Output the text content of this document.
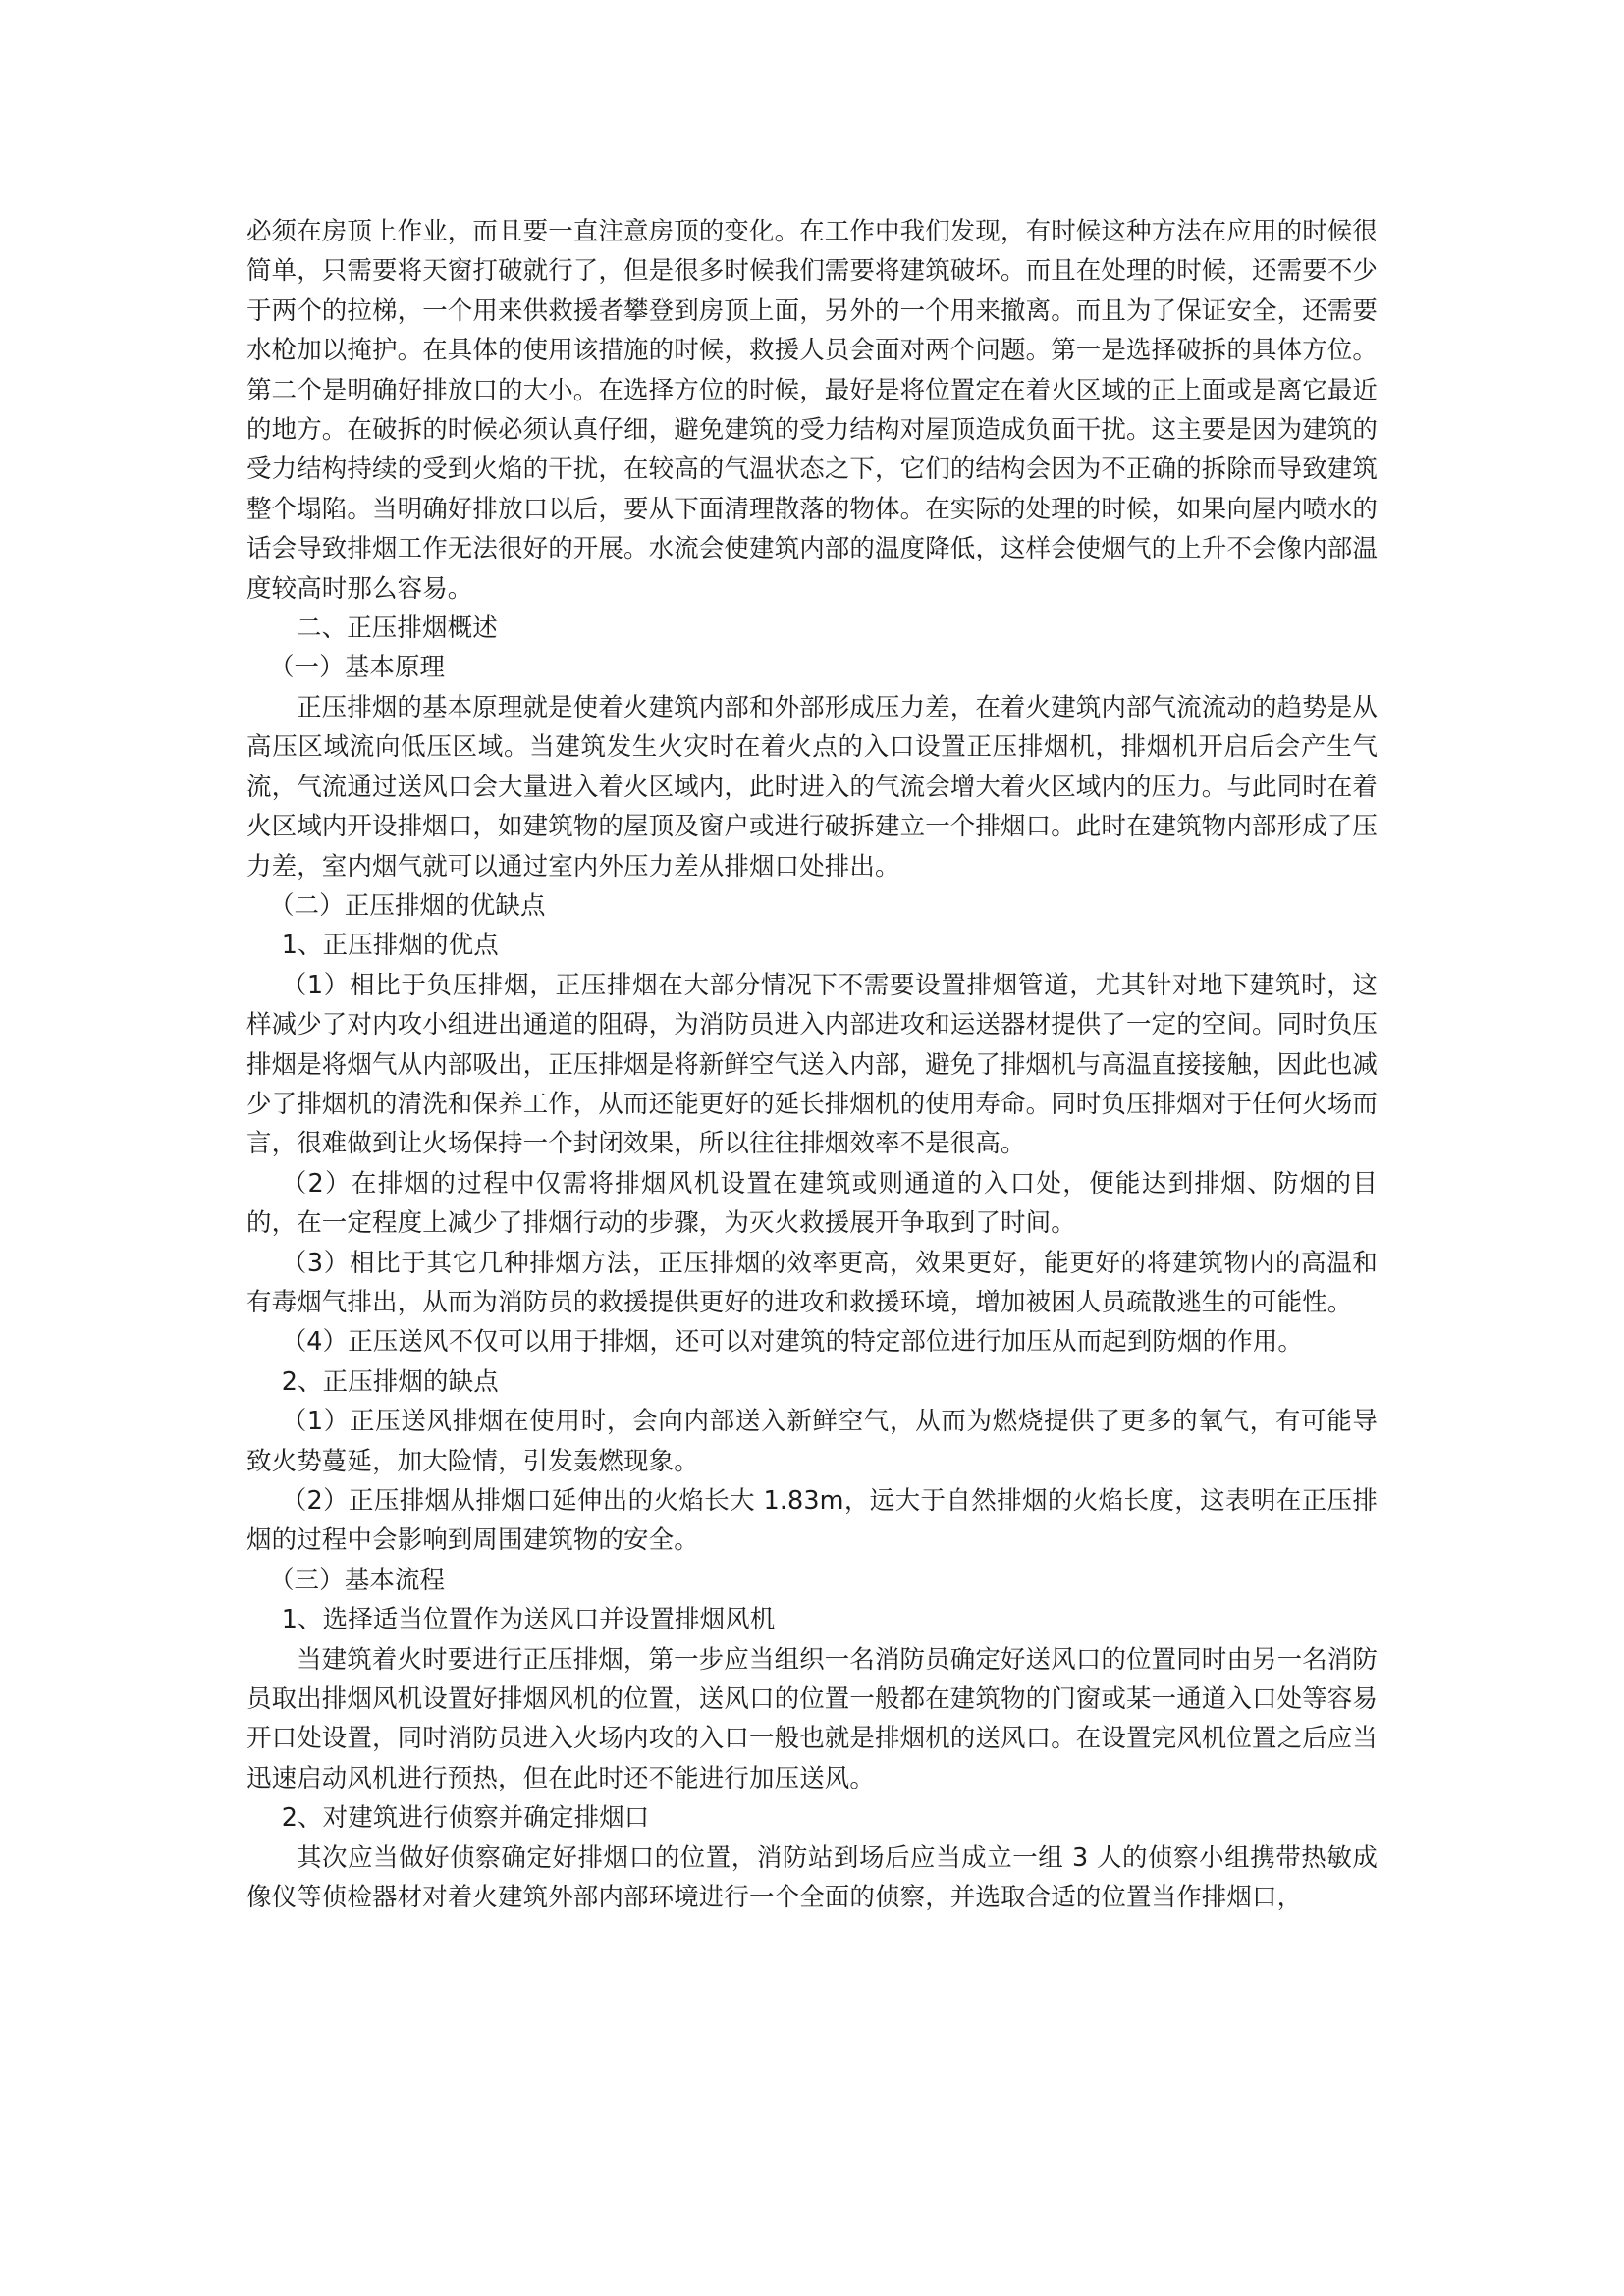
必须在房顶上作业，而且要一直注意房顶的变化。在工作中我们发现，有时候这种方法在应用的时候很简单，只需要将天窗打破就行了，但是很多时候我们需要将建筑破坏。而且在处理的时候，还需要不少于两个的拉梯，一个用来供救援者攀登到房顶上面，另外的一个用来撤离。而且为了保证安全，还需要水枪加以掩护。在具体的使用该措施的时候，救援人员会面对两个问题。第一是选择破拆的具体方位。第二个是明确好排放口的大小。在选择方位的时候，最好是将位置定在着火区域的正上面或是离它最近的地方。在破拆的时候必须认真仔细，避免建筑的受力结构对屋顶造成负面干扰。这主要是因为建筑的受力结构持续的受到火焰的干扰，在较高的气温状态之下，它们的结构会因为不正确的拆除而导致建筑整个塌陷。当明确好排放口以后，要从下面清理散落的物体。在实际的处理的时候，如果向屋内喷水的话会导致排烟工作无法很好的开展。水流会使建筑内部的温度降低，这样会使烟气的上升不会像内部温度较高时那么容易。

二、正压排烟概述

（一）基本原理

正压排烟的基本原理就是使着火建筑内部和外部形成压力差，在着火建筑内部气流流动的趋势是从高压区域流向低压区域。当建筑发生火灾时在着火点的入口设置正压排烟机，排烟机开启后会产生气流，气流通过送风口会大量进入着火区域内，此时进入的气流会增大着火区域内的压力。与此同时在着火区域内开设排烟口，如建筑物的屋顶及窗户或进行破拆建立一个排烟口。此时在建筑物内部形成了压力差，室内烟气就可以通过室内外压力差从排烟口处排出。

（二）正压排烟的优缺点

1、正压排烟的优点

（1）相比于负压排烟，正压排烟在大部分情况下不需要设置排烟管道，尤其针对地下建筑时，这样减少了对内攻小组进出通道的阻碍，为消防员进入内部进攻和运送器材提供了一定的空间。同时负压排烟是将烟气从内部吸出，正压排烟是将新鲜空气送入内部，避免了排烟机与高温直接接触，因此也减少了排烟机的清洗和保养工作，从而还能更好的延长排烟机的使用寿命。同时负压排烟对于任何火场而言，很难做到让火场保持一个封闭效果，所以往往排烟效率不是很高。

（2）在排烟的过程中仅需将排烟风机设置在建筑或则通道的入口处，便能达到排烟、防烟的目的，在一定程度上减少了排烟行动的步骤，为灭火救援展开争取到了时间。

（3）相比于其它几种排烟方法，正压排烟的效率更高，效果更好，能更好的将建筑物内的高温和有毒烟气排出，从而为消防员的救援提供更好的进攻和救援环境，增加被困人员疏散逃生的可能性。

（4）正压送风不仅可以用于排烟，还可以对建筑的特定部位进行加压从而起到防烟的作用。

2、正压排烟的缺点

（1）正压送风排烟在使用时，会向内部送入新鲜空气，从而为燃烧提供了更多的氧气，有可能导致火势蔓延，加大险情，引发轰燃现象。

（2）正压排烟从排烟口延伸出的火焰长大 1.83m，远大于自然排烟的火焰长度，这表明在正压排烟的过程中会影响到周围建筑物的安全。

（三）基本流程

1、选择适当位置作为送风口并设置排烟风机

当建筑着火时要进行正压排烟，第一步应当组织一名消防员确定好送风口的位置同时由另一名消防员取出排烟风机设置好排烟风机的位置，送风口的位置一般都在建筑物的门窗或某一通道入口处等容易开口处设置，同时消防员进入火场内攻的入口一般也就是排烟机的送风口。在设置完风机位置之后应当迅速启动风机进行预热，但在此时还不能进行加压送风。

2、对建筑进行侦察并确定排烟口

其次应当做好侦察确定好排烟口的位置，消防站到场后应当成立一组 3 人的侦察小组携带热敏成像仪等侦检器材对着火建筑外部内部环境进行一个全面的侦察，并选取合适的位置当作排烟口，
